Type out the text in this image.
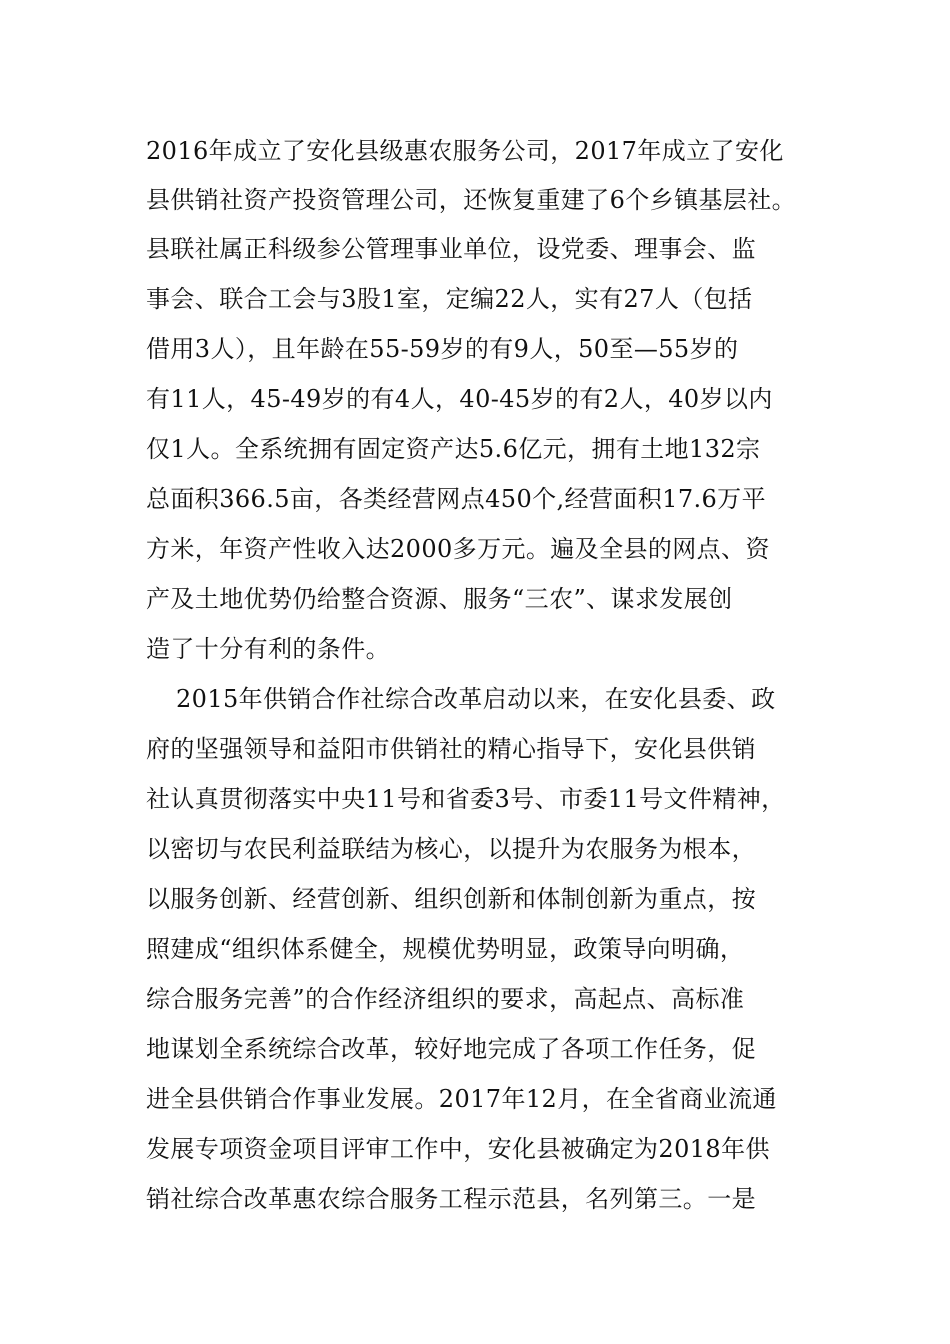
2016年成立了安化县级惠农服务公司，2017年成立了安化
县供销社资产投资管理公司，还恢复重建了6个乡镇基层社。
县联社属正科级参公管理事业单位，设党委、理事会、监
事会、联合工会与3股1室，定编22人，实有27人（包括
借用3人），且年龄在55-59岁的有9人，50至—55岁的
有11人，45-49岁的有4人，40-45岁的有2人，40岁以内
仅1人。全系统拥有固定资产达5.6亿元，拥有土地132宗
总面积366.5亩，各类经营网点450个,经营面积17.6万平
方米，年资产性收入达2000多万元。遍及全县的网点、资
产及土地优势仍给整合资源、服务“三农”、谋求发展创
造了十分有利的条件。
2015年供销合作社综合改革启动以来，在安化县委、政
府的坚强领导和益阳市供销社的精心指导下，安化县供销
社认真贯彻落实中央11号和省委3号、市委11号文件精神，
以密切与农民利益联结为核心，以提升为农服务为根本，
以服务创新、经营创新、组织创新和体制创新为重点，按
照建成“组织体系健全，规模优势明显，政策导向明确，
综合服务完善”的合作经济组织的要求，高起点、高标准
地谋划全系统综合改革，较好地完成了各项工作任务，促
进全县供销合作事业发展。2017年12月，在全省商业流通
发展专项资金项目评审工作中，安化县被确定为2018年供
销社综合改革惠农综合服务工程示范县，名列第三。一是
